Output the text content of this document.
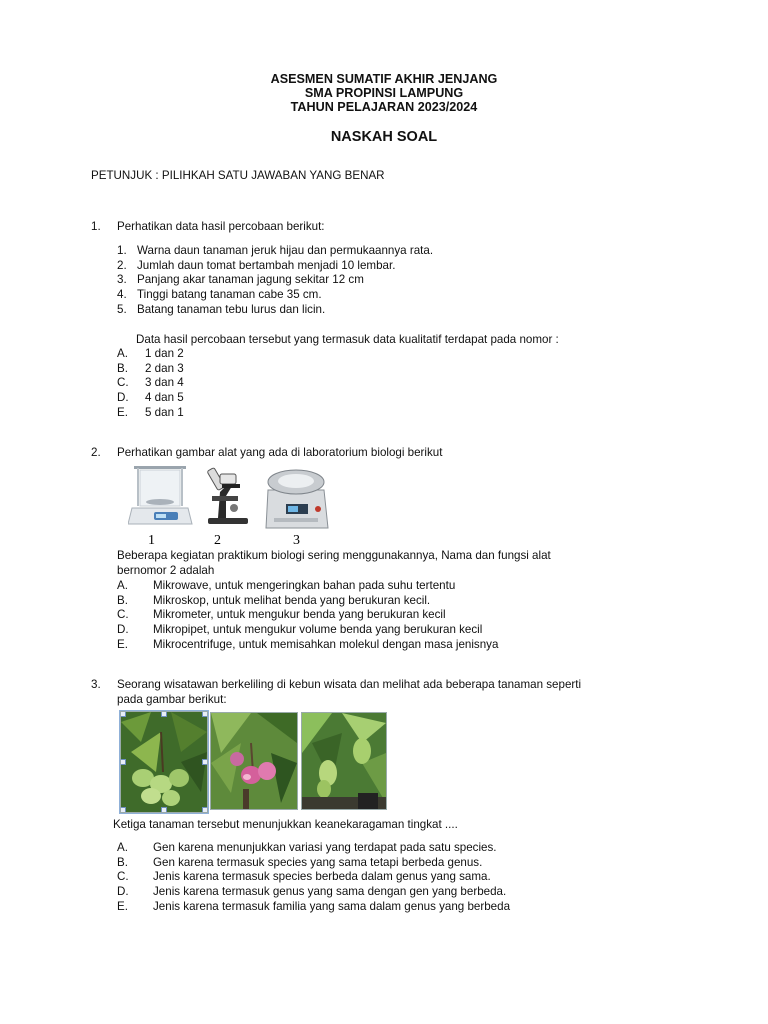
ASESMEN SUMATIF AKHIR JENJANG
SMA PROPINSI LAMPUNG
TAHUN PELAJARAN 2023/2024
NASKAH SOAL
PETUNJUK : PILIHKAH SATU JAWABAN YANG BENAR
1. Perhatikan data hasil percobaan berikut:
1. Warna daun tanaman jeruk hijau dan permukaannya rata.
2. Jumlah daun tomat bertambah menjadi 10 lembar.
3. Panjang akar tanaman jagung sekitar 12 cm
4. Tinggi batang tanaman cabe 35 cm.
5. Batang tanaman tebu lurus dan licin.
Data hasil percobaan tersebut yang termasuk data kualitatif terdapat pada nomor :
A. 1 dan 2
B. 2 dan 3
C. 3 dan 4
D. 4 dan 5
E. 5 dan 1
2. Perhatikan gambar alat yang ada di laboratorium biologi berikut
1	2	3
Beberapa kegiatan praktikum biologi sering menggunakannya, Nama dan fungsi alat
bernomor 2 adalah
A. Mikrowave, untuk mengeringkan bahan pada suhu tertentu
B. Mikroskop, untuk melihat benda yang berukuran kecil.
C. Mikrometer, untuk mengukur benda yang berukuran kecil
D. Mikropipet, untuk mengukur volume benda yang berukuran kecil
E. Mikrocentrifuge, untuk memisahkan molekul dengan masa jenisnya
3. Seorang wisatawan berkeliling di kebun wisata dan melihat ada beberapa tanaman seperti
pada gambar berikut:
Ketiga tanaman tersebut menunjukkan keanekaragaman tingkat ....
A. Gen karena menunjukkan variasi yang terdapat pada satu species.
B. Gen karena termasuk species yang sama tetapi berbeda genus.
C. Jenis karena termasuk species berbeda dalam genus yang sama.
D. Jenis karena termasuk genus yang sama dengan gen yang berbeda.
E. Jenis karena termasuk familia yang sama dalam genus yang berbeda
